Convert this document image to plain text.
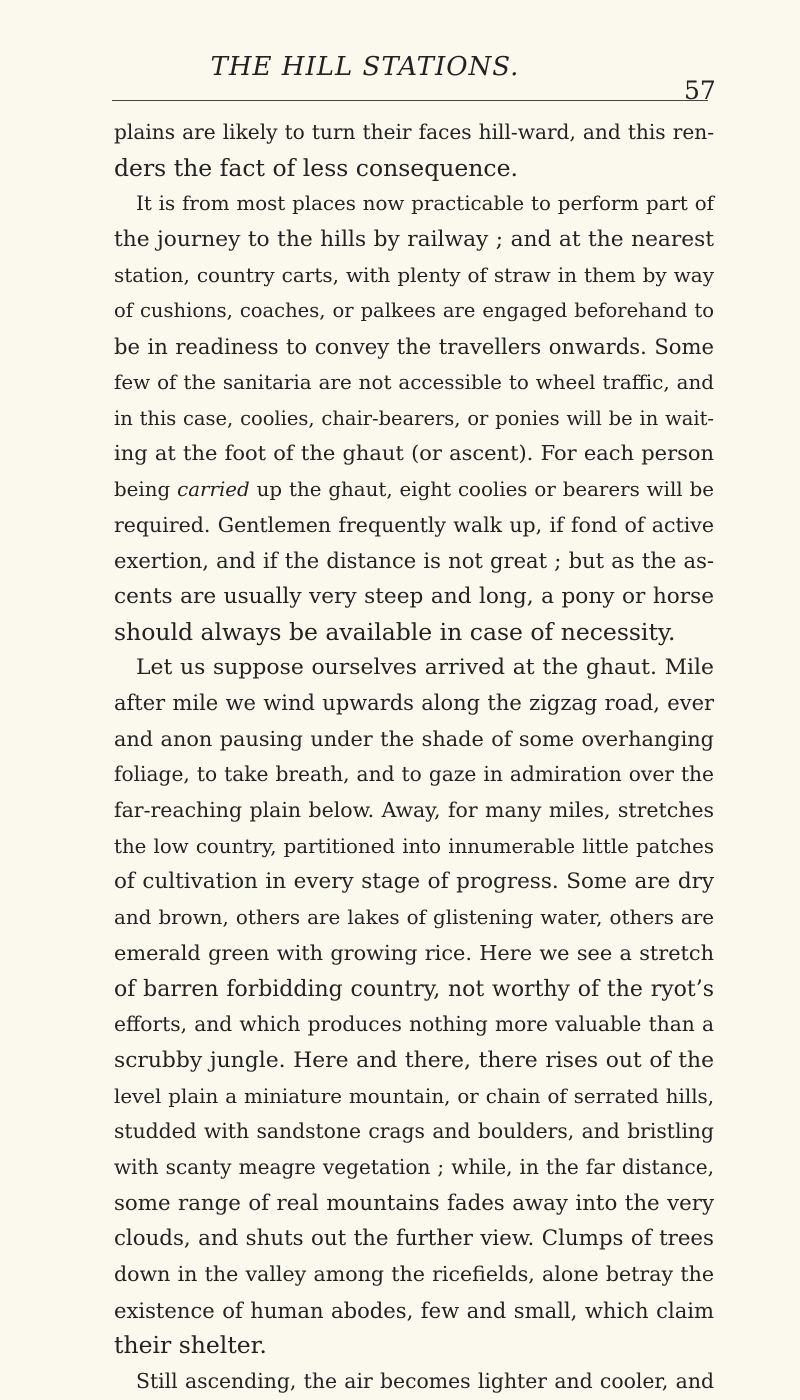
THE HILL STATIONS.
57
plains are likely to turn their faces hill-ward, and this ren-
ders the fact of less consequence.
It is from most places now practicable to perform part of
the journey to the hills by railway ; and at the nearest
station, country carts, with plenty of straw in them by way
of cushions, coaches, or palkees are engaged beforehand to
be in readiness to convey the travellers onwards. Some
few of the sanitaria are not accessible to wheel traffic, and
in this case, coolies, chair-bearers, or ponies will be in wait-
ing at the foot of the ghaut (or ascent). For each person
being carried up the ghaut, eight coolies or bearers will be
required. Gentlemen frequently walk up, if fond of active
exertion, and if the distance is not great ; but as the as-
cents are usually very steep and long, a pony or horse
should always be available in case of necessity.
Let us suppose ourselves arrived at the ghaut. Mile
after mile we wind upwards along the zigzag road, ever
and anon pausing under the shade of some overhanging
foliage, to take breath, and to gaze in admiration over the
far-reaching plain below. Away, for many miles, stretches
the low country, partitioned into innumerable little patches
of cultivation in every stage of progress. Some are dry
and brown, others are lakes of glistening water, others are
emerald green with growing rice. Here we see a stretch
of barren forbidding country, not worthy of the ryot’s
efforts, and which produces nothing more valuable than a
scrubby jungle. Here and there, there rises out of the
level plain a miniature mountain, or chain of serrated hills,
studded with sandstone crags and boulders, and bristling
with scanty meagre vegetation ; while, in the far distance,
some range of real mountains fades away into the very
clouds, and shuts out the further view. Clumps of trees
down in the valley among the ricefields, alone betray the
existence of human abodes, few and small, which claim
their shelter.
Still ascending, the air becomes lighter and cooler, and
